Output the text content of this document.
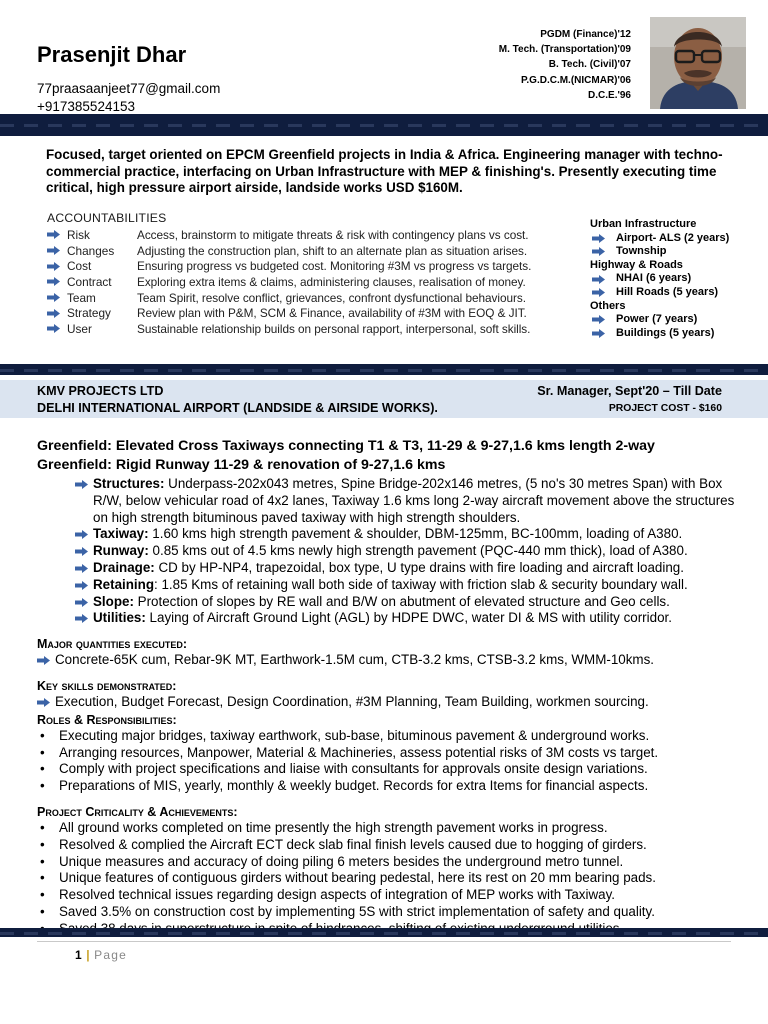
Prasenjit Dhar
77praasaanjeet77@gmail.com
+917385524153
PGDM (Finance)'12
M. Tech. (Transportation)'09
B. Tech. (Civil)'07
P.G.D.C.M.(NICMAR)'06
D.C.E.'96
Focused, target oriented on EPCM Greenfield projects in India & Africa. Engineering manager with techno-commercial practice, interfacing on Urban Infrastructure with MEP & finishing's. Presently executing time critical, high pressure airport airside, landside works USD $160M.
ACCOUNTABILITIES
Risk	Access, brainstorm to mitigate threats & risk with contingency plans vs cost.
Changes	Adjusting the construction plan, shift to an alternate plan as situation arises.
Cost	Ensuring progress vs budgeted cost. Monitoring #3M vs progress vs targets.
Contract	Exploring extra items & claims, administering clauses, realisation of money.
Team	Team Spirit, resolve conflict, grievances, confront dysfunctional behaviours.
Strategy	Review plan with P&M, SCM & Finance, availability of #3M with EOQ & JIT.
User	Sustainable relationship builds on personal rapport, interpersonal, soft skills.
Urban Infrastructure
Airport- ALS (2 years)
Township
Highway & Roads
NHAI (6 years)
Hill Roads (5 years)
Others
Power (7 years)
Buildings (5 years)
KMV PROJECTS LTD
DELHI INTERNATIONAL AIRPORT (LANDSIDE & AIRSIDE WORKS).
Sr. Manager, Sept'20 – Till Date
PROJECT COST - $160
Greenfield: Elevated Cross Taxiways connecting T1 & T3, 11-29 & 9-27,1.6 kms length 2-way
Greenfield: Rigid Runway 11-29 & renovation of 9-27,1.6 kms
Structures: Underpass-202x043 metres, Spine Bridge-202x146 metres, (5 no's 30 metres Span) with Box R/W, below vehicular road of 4x2 lanes, Taxiway 1.6 kms long 2-way aircraft movement above the structures on high strength bituminous paved taxiway with high strength shoulders.
Taxiway: 1.60 kms high strength pavement & shoulder, DBM-125mm, BC-100mm, loading of A380.
Runway: 0.85 kms out of 4.5 kms newly high strength pavement (PQC-440 mm thick), load of A380.
Drainage: CD by HP-NP4, trapezoidal, box type, U type drains with fire loading and aircraft loading.
Retaining: 1.85 Kms of retaining wall both side of taxiway with friction slab & security boundary wall.
Slope: Protection of slopes by RE wall and B/W on abutment of elevated structure and Geo cells.
Utilities: Laying of Aircraft Ground Light (AGL) by HDPE DWC, water DI & MS with utility corridor.
Major quantities executed:
Concrete-65K cum, Rebar-9K MT, Earthwork-1.5M cum, CTB-3.2 kms, CTSB-3.2 kms, WMM-10kms.
Key skills demonstrated:
Execution, Budget Forecast, Design Coordination, #3M Planning, Team Building, workmen sourcing.
Roles & Responsibilities:
•	Executing major bridges, taxiway earthwork, sub-base, bituminous pavement & underground works.
•	Arranging resources, Manpower, Material & Machineries, assess potential risks of 3M costs vs target.
•	Comply with project specifications and liaise with consultants for approvals onsite design variations.
•	Preparations of MIS, yearly, monthly & weekly budget. Records for extra Items for financial aspects.
Project Criticality & Achievements:
•	All ground works completed on time presently the high strength pavement works in progress.
•	Resolved & complied the Aircraft ECT deck slab final finish levels caused due to hogging of girders.
•	Unique measures and accuracy of doing piling 6 meters besides the underground metro tunnel.
•	Unique features of contiguous girders without bearing pedestal, here its rest on 20 mm bearing pads.
•	Resolved technical issues regarding design aspects of integration of MEP works with Taxiway.
•	Saved 3.5% on construction cost by implementing 5S with strict implementation of safety and quality.
1 | Page
